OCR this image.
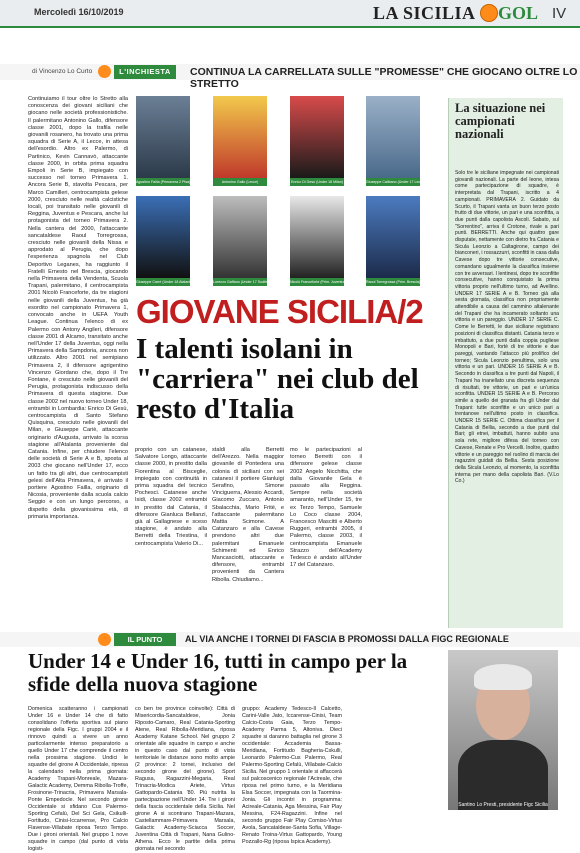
Mercoledì 16/10/2019	LA SICILIA GOL IV
di Vincenzo Lo Curto	L'INCHIESTA	CONTINUA LA CARRELLATA SULLE "PROMESSE" CHE GIOCANO OLTRE LO STRETTO
Continuiamo il tour oltre lo Stretto alla conoscenza dei giovani siciliani che giocano nelle società professionistiche. Il palermitano Antonino Gallo, difensore classe 2001, dopo la trafila nelle giovanili rosanero, ha trovato una prima squadra di Serie A, il Lecce, in attesa dell'esordio. Altro ex Palermo, di Partinico, Kevin Cannavò, attaccante classe 2000, in orbita prima squadra Empoli in Serie B, impiegato con successo nel torneo Primavera 1. Ancora Serie B, stavolta Pescara, per Marco Camilleri, centrocampista gelese 2000, cresciuto nelle realtà calcistiche locali, poi transitato nelle giovanili di Reggina, Juventus e Pescara, anche lui protagonista del torneo Primavera 2. Nella cantera del 2000, l'attaccante sancataldese Raoul Torregrossa, cresciuto nelle giovanili della Nissa e approdato al Perugia, che dopo l'esperienza spagnola nel Club Deportivo Leganes, ha raggiunto il Fratelli Ernesto nel Brescia, giocando nella Primavera della Vendenta, Scuola Trapani, palermitano, il centrocampista 2001 Nicolò Franceforte, da tre stagioni nelle giovanili della Juventus, ha già esordito nel campionato Primavera 1, convocato anche in UEFA Youth League. Continua l'elenco di ex Palermo con Antony Angileri, difensore classe 2001 di Alcamo, transitato anche nell'Under 17 della Juventus, oggi nella Primavera della Sampdoria, ancora non utilizzato. Altro 2001 nel semipiano Primavera 2, il difensore agrigentino Vincenzo Giordano che, dopo il Tre Fontane, è cresciuto nelle giovanili del Perugia, protagonista indiscusso della Primavera di questa stagione. Due classe 2002 nel nuovo torneo Under 18, entrambi in Lombardia: Enrico Di Gesù, centrocampista di Santo Stefano Quisquina, cresciuto nelle giovanili del Milan, e Giuseppe Cariè, attaccante originario d'Augusta, arrivato la scorsa stagione all'Atalanta proveniente dal Catania. Infine, per chiudere l'elenco delle società di Serie A e B, sposta al 2003 che giocano nell'Under 17, ecco un fatto tra gli altri, due centrocampisti gelesi dell'Alta Primavera, è arrivato il portiere Agostino Failla, originario di Nicosia, proveniente dalla scuola calcio Seggio e con un lungo percorso, a dispetto della giovanissima età, di primaria importanza.
Agostino Failla (Primavera 2 Pisa)	Antonino Gallo (Lecce)	Enrico Di Gesù (Under 18 Milan)	Giuseppe Calibano (Under 17 Lecco)
Giuseppe Carrè (Under 18 Atalanta)	Lorenzo Gaffano (Under 17 Sudtirol)	Nicolò Franceforte (Prim. Juventus)	Raoul Torregrossa (Prim. Brescia)
La situazione nei campionati nazionali
Solo tre le siciliane impegnate nei campionati giovanili nazionali. La parte del leone, intesa come partecipazione di squadre, è interpretata dal Trapani, iscritto a 4 campionati. PRIMAVERA 2. Guidato da Scurto, il Trapani vanta un buon terzo posto frutto di due vittorie, un pari e una sconfitta, a due punti dalla capolista Ascoli. Sabato, sul "Sorrentino", arriva il Crotone, rivale a pari punti. BERRETTI. Anche qui quattro gare disputate, nettamente con dietro fra Catania e Sicula Leonzio a Caltagirone, campo dei bianconeri, i rossazzurri, sconfitti in casa dalla Cavese dopo tre vittorie consecutive, comandano ugualmente la classifica insieme con tre avversari. I lentinesi, dopo tre sconfitte consecutive, hanno conquistato la prima vittoria proprio nell'ultimo turno, ad Avellino. UNDER 17 SERIE A e B. Torneo già alla sesta giornata, classifica non propriamente attendibile a causa del cammino altalenante del Trapani che ha incamerato soltanto una vittoria e un pareggio. UNDER 17 SERIE C. Come le Berretti, le due siciliane registrano posizioni di classifica distanti. Catania terzo e imbattuto, a due punti dalla coppia pugliese Monopoli e Bari, fortè di tre vittorie e due pareggi, vantando l'attacco più prolifico del torneo; Sicula Leonzio penultima, solo una vittoria e un pari. UNDER 16 SERIE A e B. Secondo in classifica a tre punti dal Napoli, il Trapani ha inanellato una discreta sequenza di risultati, tre vittorie, un pari e un'unica sconfitta. UNDER 15 SERIE A e B. Percorso simile a quello dei granata fra gli Under dal Trapani: tutte sconfitte e un unico pari a trentanove nell'ultimo posto in classifica. UNDER 15 SERIE C. Ottima classifica per il Catania di Bellia, secondo a due punti dal Bari; gli etnei, imbattuti, hanno subito una sola rete, migliore difesa del torneo con Cavese, Renate e Pro Vercelli. Inoltre, quattro vittorie e un pareggio nel ruolino di marcia dei ragazzini guidati da Bellia. Sesta posizione della Sicula Leonzio, al momento, la sconfitta interna per mano della capolista Bari. (V.Lo Co.)
GIOVANE SICILIA/2
I talenti isolani in "carriera" nei club del resto d'Italia
proprio con un catanese, Salvatore Longo, attaccante classe 2000, in prestito dalla Fiorentina al Bisceglie, impiegato con continuità in prima squadra del tecnico Pochesci. Catanese anche Isidi, classe 2002 entrambi in prestito dal Catania, il difensore Gianluca Bellanzi, già al Gallagnese e sceso stagione, è andato alla Berretti della Triestina, il centrocampista Valerio Di...
staldi alla Berretti dell'Arezzo. Nella maggior giovanile di Pontedera una colonia di siciliani con sei catanesi il portiere Gianluigi Serafino, Simone Vinciguerra, Alessio Accardi, Giacomo Zuccaro, Antonio Sbalacchia, Mario Fritè, e l'attaccante palermitano Mattia Scimone. A Catanzaro e alla Cavese prendono altri due palermitani Emanuele Schimenti ed Enrico Mancasciotti, attaccante e difensore, entrambi provenienti da Cantera Ribolla. Chiudiamo...
mo le partecipazioni al torneo Berretti con il difensore gelese classe 2002 Angelo Nicchitta, che dalla Giovanile Gela è passato alla Reggina. Sempre nella società amaranto, nell'Under 15, tre ex Terzo Tempo, Samuele Lo Coco classe 2004, Francesco Mascitti e Alberto Ruggeri, entrambi 2005, il Palermo, classe 2003, il centrocampista Emanuele Strazzo dell'Academy Tedesco è andato all'Under 17 del Catanzaro.
IL PUNTO	AL VIA ANCHE I TORNEI DI FASCIA B PROMOSSI DALLA FIGC REGIONALE
Under 14 e Under 16, tutti in campo per la sfide della nuova stagione
Domenica scatteranno i campionati Under 16 e Under 14 che di fatto consolidano l'offerta sportiva sul piano regionale della Figc. I gruppi 2004 e il rinnovo quindi a vivere un anno particolarmente intenso preparatorio a quello Under 17 che comprende il centro nella prossima stagione. Undici le squadre del girone A Occidentale, ripresa la calendario nella prima giornata: Academy Trapani-Monreale, Mazara-Galactic Academy, Demma Ribolla-Troffe, Frosinone-Trinacria, Primavera Marsala-Ponte Empedocle. Nel secondo girone Occidentale si sfidano Cus Palermo-Sporting Cefalù, Del Sci Gela, Csikulli-Fortitudo, Cinisi-Iccarrense, Pro Calcio Flavense-Villabate riposa Terzo Tempo. Due i gironi orientali. Nel gruppo 1 nove squadre in campo (dal punto di vista logisti-
co ben tre province coinvolte): Città di Misericordia-Sancataldese, Jonia Riposto-Camaro, Real Catania-Sporting Atene, Real Ribolla-Meridiana, riposa Academy Katane School. Nel gruppo 2 orientate alle squadre in campo e anche in questo caso dal punto di vista territoriale le distanze sono molto ampie (2 province: 2 tornei, inclusivo del secondo girone del girone). Sport Ragusa, Ragazzini-Megaria, Real Trinacria-Modica Ariete, Virtus Gattopardo-Catania '80. Più nutrita la partecipazione nell'Under 14. Tre i gironi della fascia occidentale della Sicilia. Nel girone A si scontrano Trapani-Mazara, Castellammare-Primavera Marsala, Galactic Academy-Sciacca Soccer, Juventina Città di Trapani, Nana Gulino-Athena. Ecco le partite della prima giornata nel secondo
gruppo: Academy Tedesco-Il Calcetto, Carini-Valle Jato, Iccarense-Cinisi, Team Calcio-Costa Gaia, Terzo Tempo-Academy Parma 5, Altoniva. Dieci squadre si daranno battaglia nel girone 3 occidentale: Accademia Bassa-Meridiana, Fortitudo Bagheria-Cskulli, Leonardo Palermo-Cus Palermo, Real Palermo-Sporting Cefalù, Villabate-Calcio Sicilia. Nel gruppo 1 orientale si affaccerà sul palcoscenico regionale l'Acireale, che riposa nel primo turno, e la Meridiana Elsa Soccer, impegnata con la Taormina-Jonia. Gli incontri in programma: Acireale-Catania, Aga Messina, Fair Play Messina, F24-Ragazzini. Infine nel secondo gruppo Fair Play Comiso-Virtus Avola, Sancataldese-Santa Sofia, Village-Renato Troina-Virtus Gattopardo, Young Pozzallo-Rg (riposa Ispica Academy).
Santino Lo Presti, presidente Figc Sicilia
